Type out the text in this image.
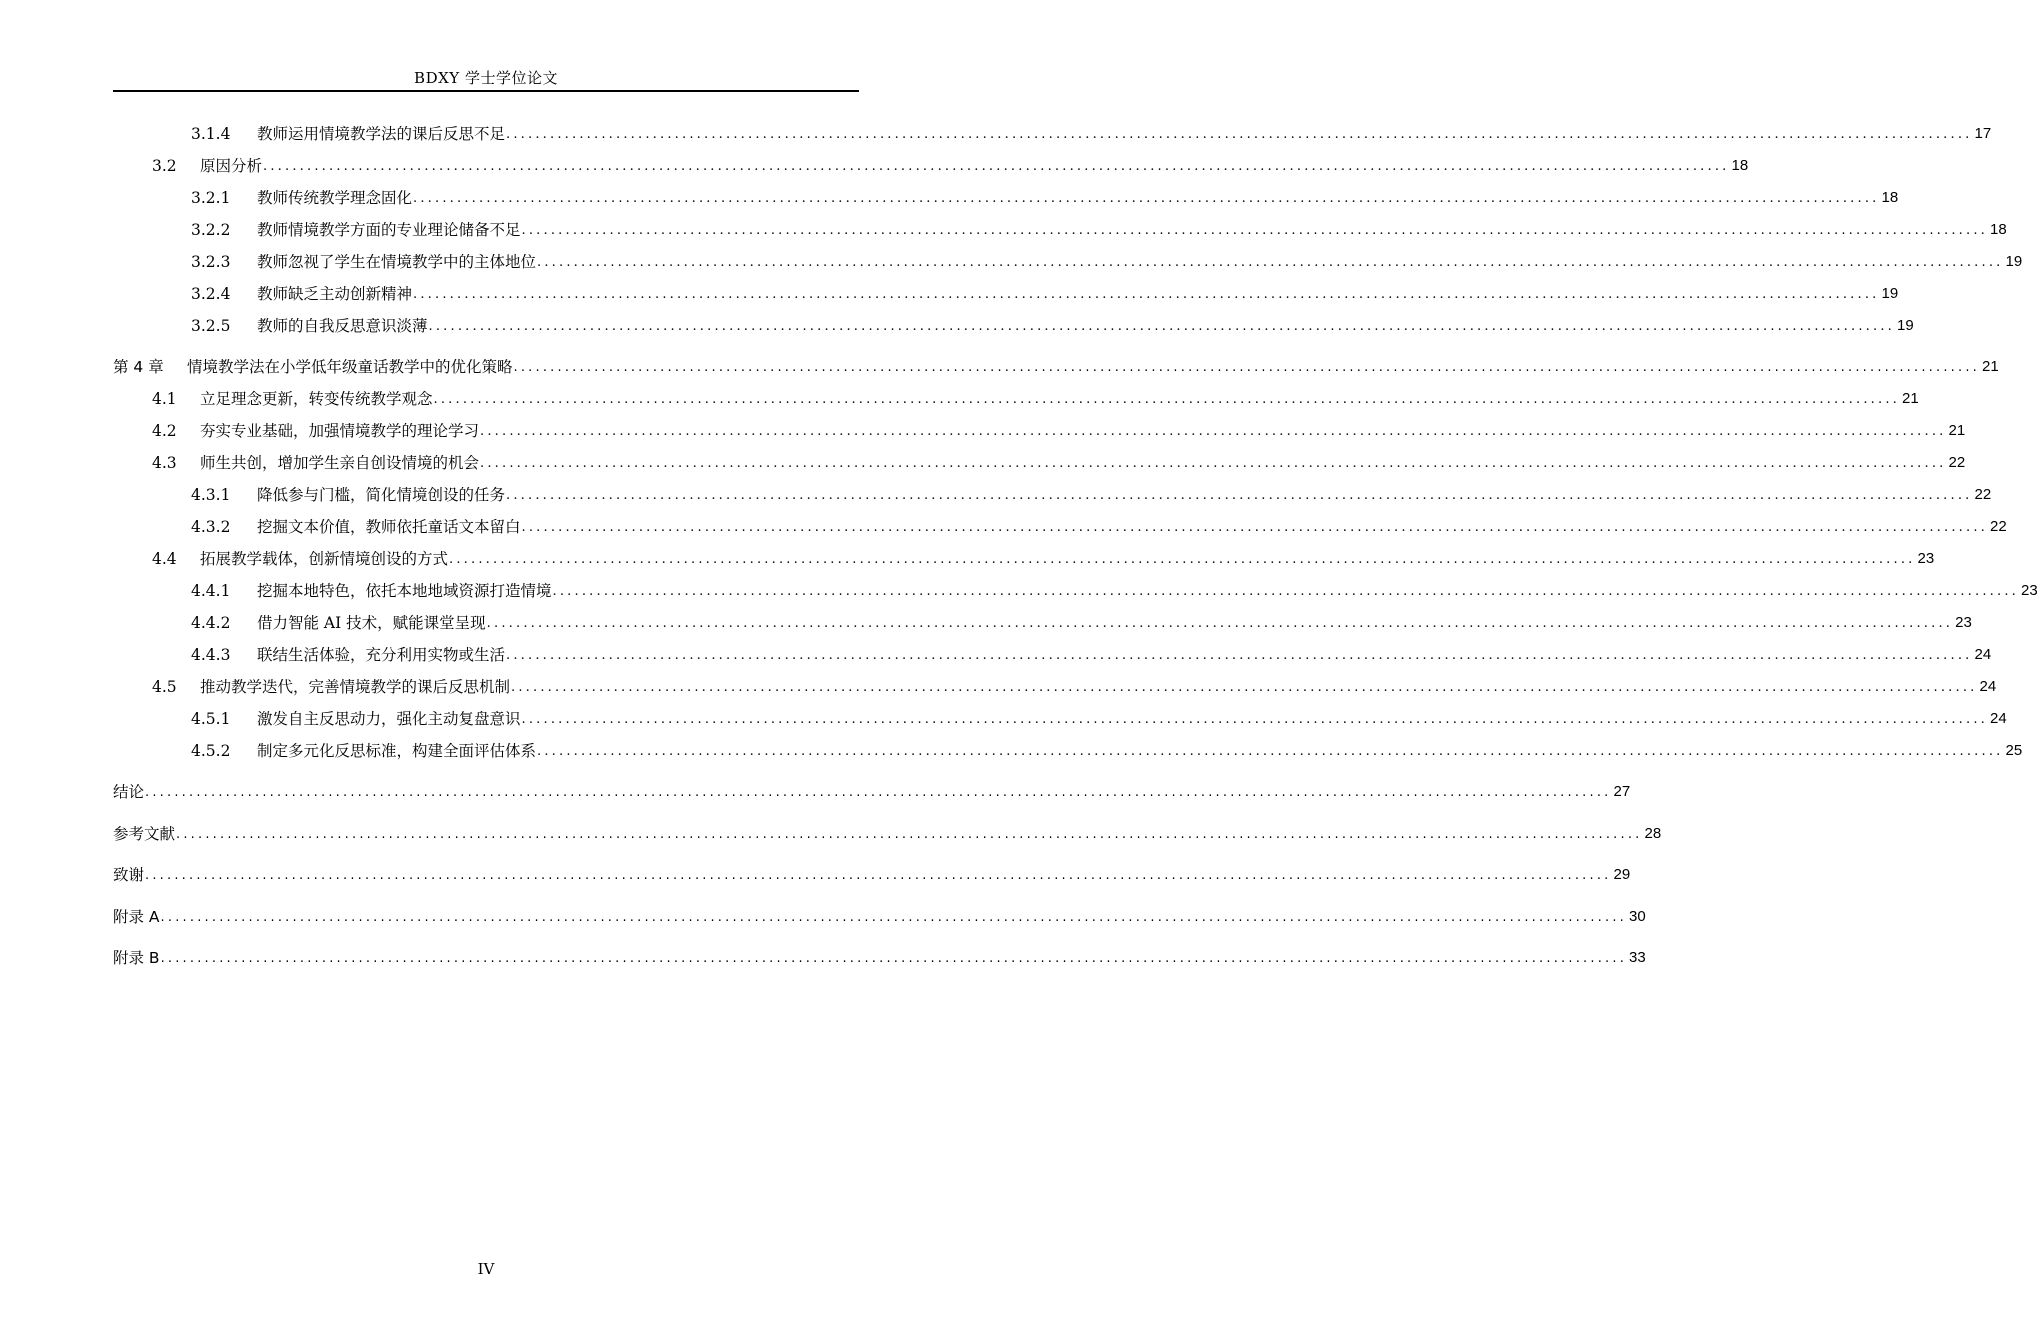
BDXY 学士学位论文
3.1.4	教师运用情境教学法的课后反思不足 ........................................................................................................................................................................................................ 17
3.2	原因分析 ........................................................................................................................................................................................................ 18
3.2.1	教师传统教学理念固化 ........................................................................................................................................................................................................ 18
3.2.2	教师情境教学方面的专业理论储备不足 ........................................................................................................................................................................................................ 18
3.2.3	教师忽视了学生在情境教学中的主体地位 ........................................................................................................................................................................................................ 19
3.2.4	教师缺乏主动创新精神 ........................................................................................................................................................................................................ 19
3.2.5	教师的自我反思意识淡薄 ........................................................................................................................................................................................................ 19
第 4 章	情境教学法在小学低年级童话教学中的优化策略 ........................................................................................................................................................................................................ 21
4.1	立足理念更新，转变传统教学观念 ........................................................................................................................................................................................................ 21
4.2	夯实专业基础，加强情境教学的理论学习 ........................................................................................................................................................................................................ 21
4.3	师生共创，增加学生亲自创设情境的机会 ........................................................................................................................................................................................................ 22
4.3.1	降低参与门槛，简化情境创设的任务 ........................................................................................................................................................................................................ 22
4.3.2	挖掘文本价值，教师依托童话文本留白 ........................................................................................................................................................................................................ 22
4.4	拓展教学载体，创新情境创设的方式 ........................................................................................................................................................................................................ 23
4.4.1	挖掘本地特色，依托本地地域资源打造情境 ........................................................................................................................................................................................................ 23
4.4.2	借力智能 AI 技术，赋能课堂呈现 ........................................................................................................................................................................................................ 23
4.4.3	联结生活体验，充分利用实物或生活 ........................................................................................................................................................................................................ 24
4.5	推动教学迭代，完善情境教学的课后反思机制 ........................................................................................................................................................................................................ 24
4.5.1	激发自主反思动力，强化主动复盘意识 ........................................................................................................................................................................................................ 24
4.5.2	制定多元化反思标准，构建全面评估体系 ........................................................................................................................................................................................................ 25
结论 ........................................................................................................................................................................................................ 27
参考文献 ........................................................................................................................................................................................................ 28
致谢 ........................................................................................................................................................................................................ 29
附录 A ........................................................................................................................................................................................................ 30
附录 B ........................................................................................................................................................................................................ 33
IV
